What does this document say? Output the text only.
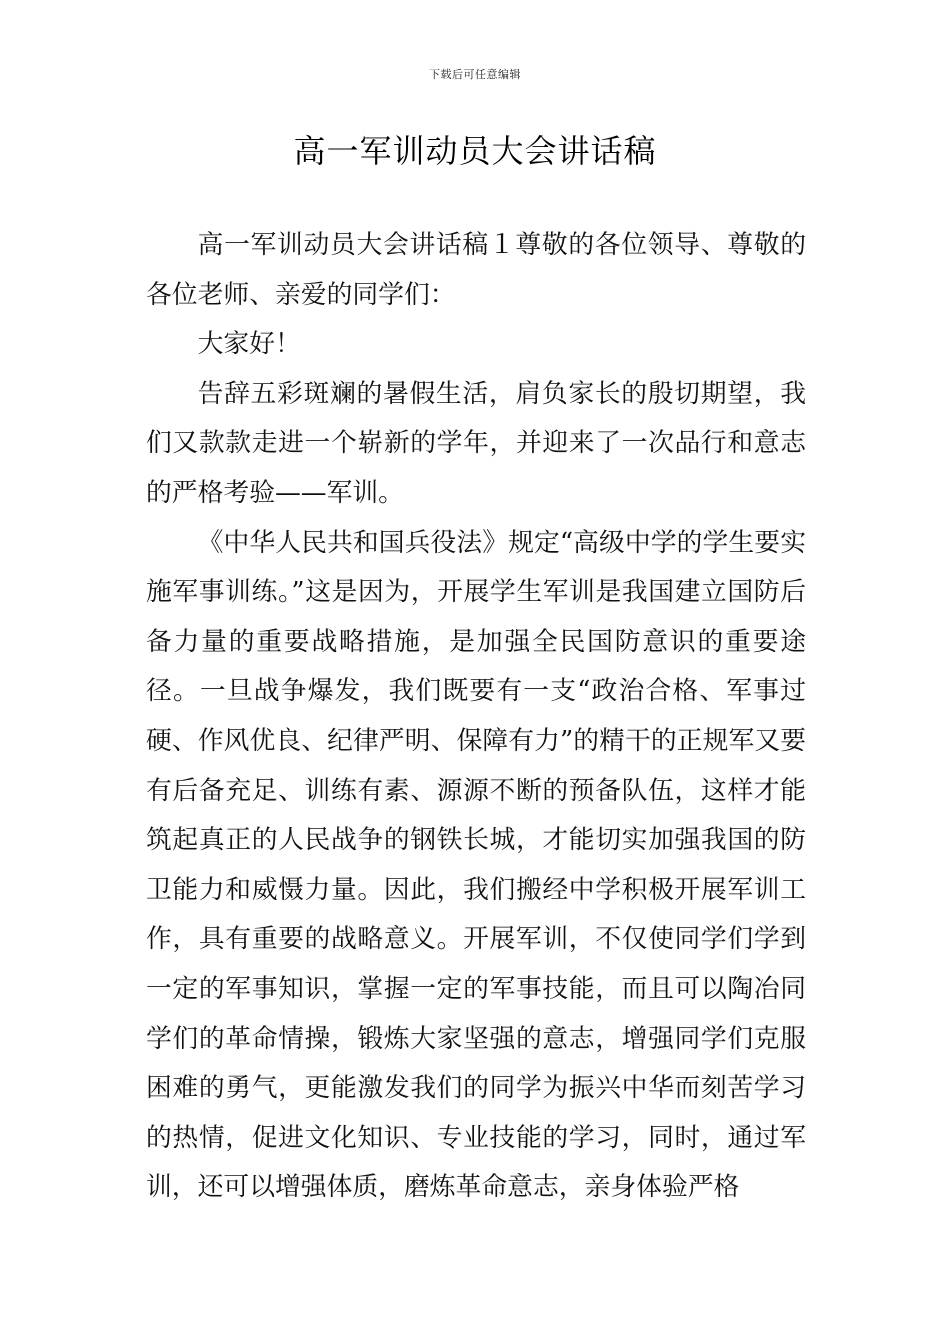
下载后可任意编辑
高一军训动员大会讲话稿

高一军训动员大会讲话稿１尊敬的各位领导、尊敬的各位老师、亲爱的同学们：

大家好！

告辞五彩斑斓的暑假生活，肩负家长的殷切期望，我们又款款走进一个崭新的学年，并迎来了一次品行和意志的严格考验——军训。

《中华人民共和国兵役法》规定“高级中学的学生要实施军事训练。”这是因为，开展学生军训是我国建立国防后备力量的重要战略措施，是加强全民国防意识的重要途径。一旦战争爆发，我们既要有一支“政治合格、军事过硬、作风优良、纪律严明、保障有力”的精干的正规军又要有后备充足、训练有素、源源不断的预备队伍，这样才能筑起真正的人民战争的钢铁长城，才能切实加强我国的防卫能力和威慑力量。因此，我们搬经中学积极开展军训工作，具有重要的战略意义。开展军训，不仅使同学们学到一定的军事知识，掌握一定的军事技能，而且可以陶冶同学们的革命情操，锻炼大家坚强的意志，增强同学们克服困难的勇气，更能激发我们的同学为振兴中华而刻苦学习的热情，促进文化知识、专业技能的学习，同时，通过军训，还可以增强体质，磨炼革命意志，亲身体验严格
